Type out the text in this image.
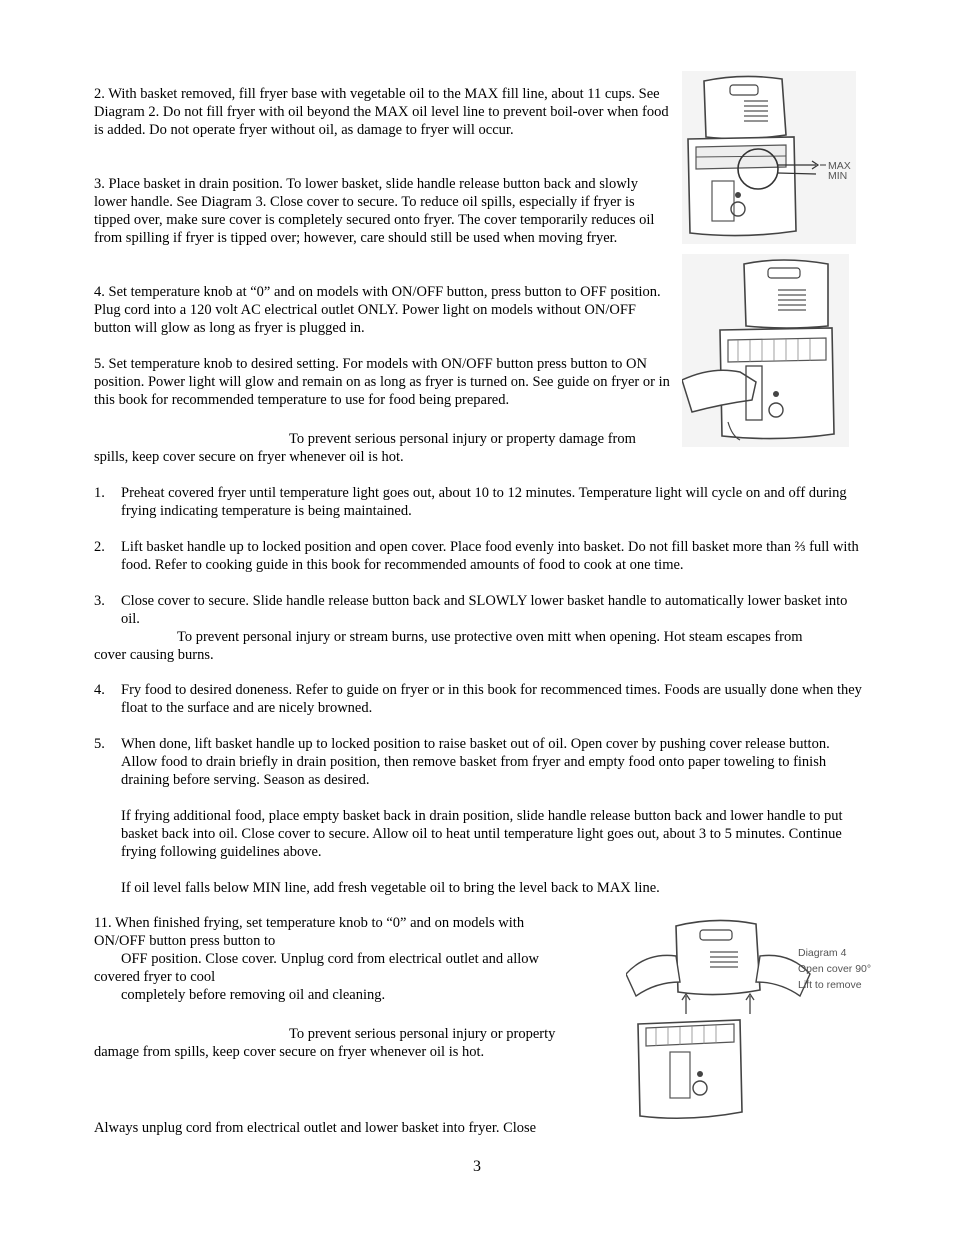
2. With basket removed, fill fryer base with vegetable oil to the MAX fill line, about 11 cups. See Diagram 2. Do not fill fryer with oil beyond the MAX oil level line to prevent boil-over when food is added. Do not operate fryer without oil, as damage to fryer will occur.

3. Place basket in drain position. To lower basket, slide handle release button back and slowly lower handle. See Diagram 3. Close cover to secure. To reduce oil spills, especially if fryer is tipped over, make sure cover is completely secured onto fryer. The cover temporarily reduces oil from spilling if fryer is tipped over; however, care should still be used when moving fryer.

4. Set temperature knob at “0” and on models with ON/OFF button, press button to OFF position. Plug cord into a 120 volt AC electrical outlet ONLY. Power light on models without ON/OFF button will glow as long as fryer is plugged in.

5. Set temperature knob to desired setting. For models with ON/OFF button press button to ON position. Power light will glow and remain on as long as fryer is turned on. See guide on fryer or in this book for recommended temperature to use for food being prepared.

To prevent serious personal injury or property damage from
spills, keep cover secure on fryer whenever oil is hot.
MAX
MIN
1. Preheat covered fryer until temperature light goes out, about 10 to 12 minutes. Temperature light will cycle on and off during frying indicating temperature is being maintained.
2. Lift basket handle up to locked position and open cover. Place food evenly into basket. Do not fill basket more than ⅔ full with food. Refer to cooking guide in this book for recommended amounts of food to cook at one time.
3. Close cover to secure. Slide handle release button back and SLOWLY lower basket handle to automatically lower basket into oil.
To prevent personal injury or stream burns, use protective oven mitt when opening. Hot steam escapes from
cover causing burns.
4. Fry food to desired doneness. Refer to guide on fryer or in this book for recommenced times. Foods are usually done when they float to the surface and are nicely browned.
5. When done, lift basket handle up to locked position to raise basket out of oil. Open cover by pushing cover release button. Allow food to drain briefly in drain position, then remove basket from fryer and empty food onto paper toweling to finish draining before serving. Season as desired.
If frying additional food, place empty basket back in drain position, slide handle release button back and lower handle to put basket back into oil. Close cover to secure. Allow oil to heat until temperature light goes out, about 3 to 5 minutes. Continue frying following guidelines above.
If oil level falls below MIN line, add fresh vegetable oil to bring the level back to MAX line.
11. When finished frying, set temperature knob to “0” and on models with
ON/OFF button press button to
OFF position. Close cover. Unplug cord from electrical outlet and allow
covered fryer to cool
completely before removing oil and cleaning.
To prevent serious personal injury or property
damage from spills, keep cover secure on fryer whenever oil is hot.
Always unplug cord from electrical outlet and lower basket into fryer. Close
Diagram 4
Open cover 90°
Lift to remove
3
